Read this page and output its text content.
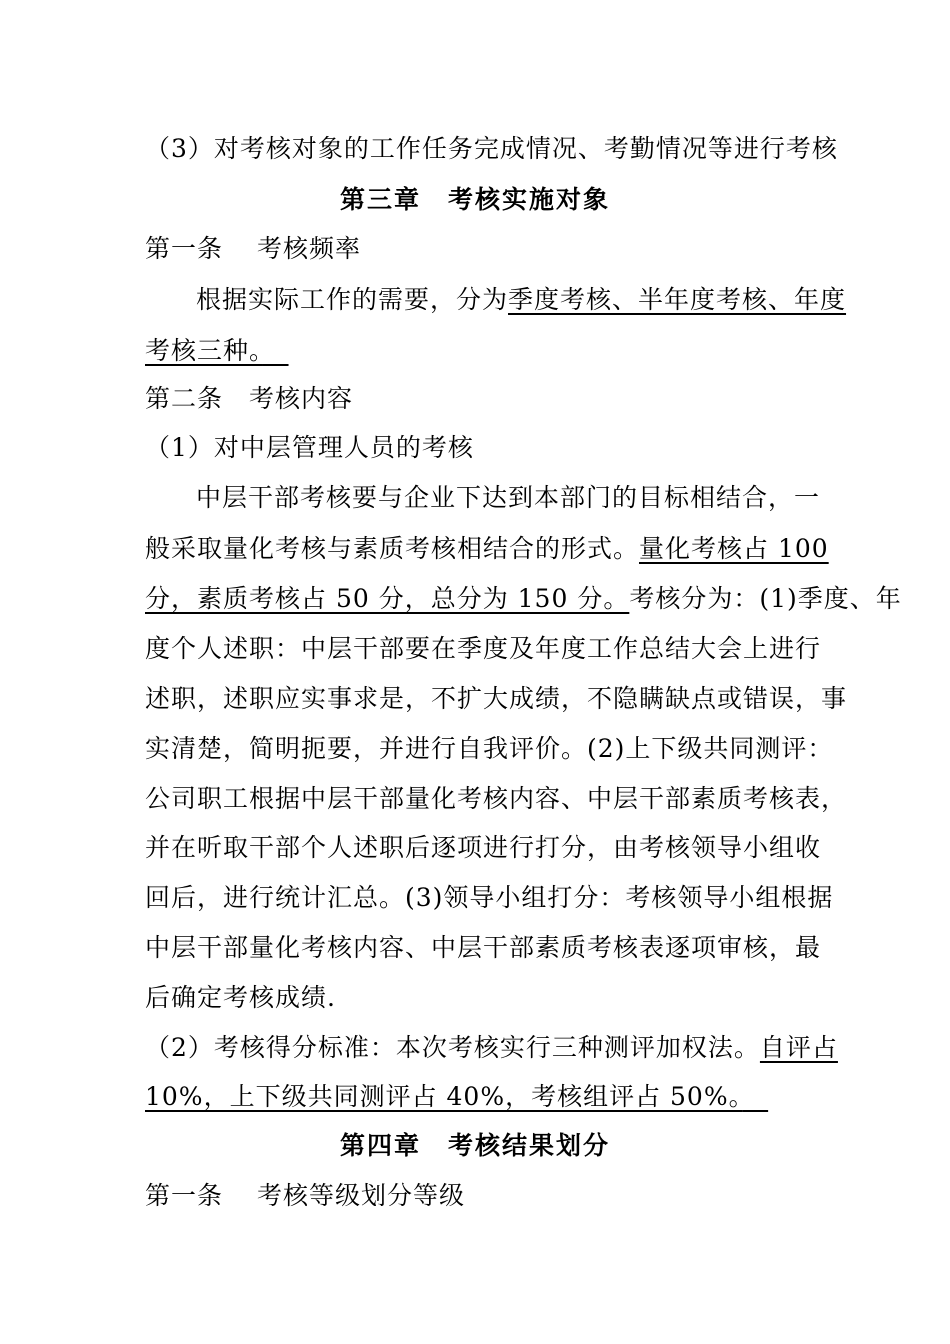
（3）对考核对象的工作任务完成情况、考勤情况等进行考核
第三章　考核实施对象
第一条 考核频率
根据实际工作的需要，分为季度考核、半年度考核、年度
考核三种。　
第二条　考核内容
（1）对中层管理人员的考核
中层干部考核要与企业下达到本部门的目标相结合，一
般采取量化考核与素质考核相结合的形式。量化考核占 100
分，素质考核占 50 分，总分为 150 分。考核分为：(1)季度、年
度个人述职：中层干部要在季度及年度工作总结大会上进行
述职，述职应实事求是，不扩大成绩，不隐瞒缺点或错误，事
实清楚，简明扼要，并进行自我评价。(2)上下级共同测评：
公司职工根据中层干部量化考核内容、中层干部素质考核表，
并在听取干部个人述职后逐项进行打分，由考核领导小组收
回后，进行统计汇总。(3)领导小组打分：考核领导小组根据
中层干部量化考核内容、中层干部素质考核表逐项审核，最
后确定考核成绩.
（2）考核得分标准：本次考核实行三种测评加权法。自评占
10%，上下级共同测评占 40%，考核组评占 50%。　
第四章　考核结果划分
第一条 考核等级划分等级
